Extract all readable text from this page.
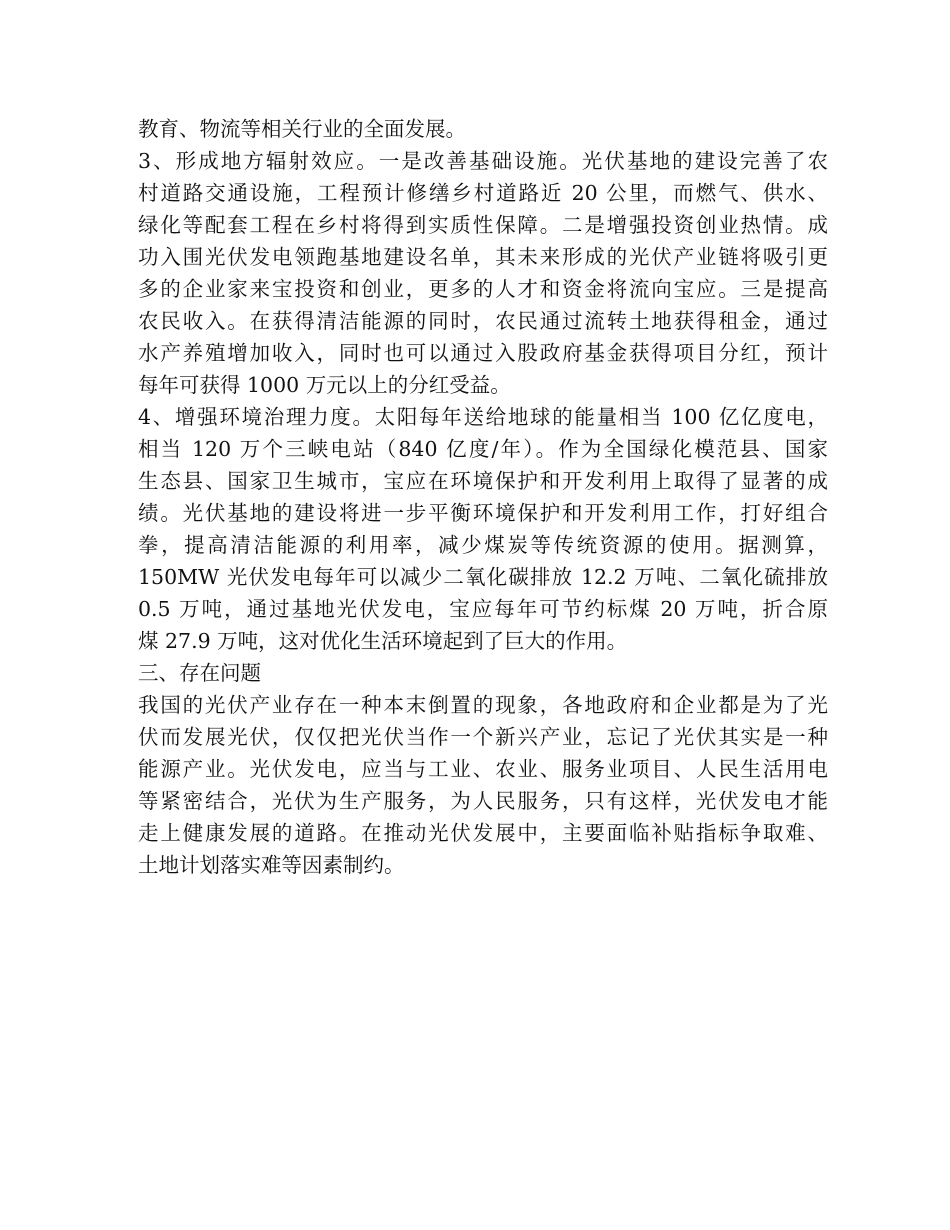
教育、物流等相关行业的全面发展。
3、形成地方辐射效应。一是改善基础设施。光伏基地的建设完善了农
村道路交通设施，工程预计修缮乡村道路近 20 公里，而燃气、供水、
绿化等配套工程在乡村将得到实质性保障。二是增强投资创业热情。成
功入围光伏发电领跑基地建设名单，其未来形成的光伏产业链将吸引更
多的企业家来宝投资和创业，更多的人才和资金将流向宝应。三是提高
农民收入。在获得清洁能源的同时，农民通过流转土地获得租金，通过
水产养殖增加收入，同时也可以通过入股政府基金获得项目分红，预计
每年可获得 1000 万元以上的分红受益。
4、增强环境治理力度。太阳每年送给地球的能量相当 100 亿亿度电，
相当 120 万个三峡电站（840 亿度/年）。作为全国绿化模范县、国家
生态县、国家卫生城市，宝应在环境保护和开发利用上取得了显著的成
绩。光伏基地的建设将进一步平衡环境保护和开发利用工作，打好组合
拳，提高清洁能源的利用率，减少煤炭等传统资源的使用。据测算，
150MW 光伏发电每年可以减少二氧化碳排放 12.2 万吨、二氧化硫排放
0.5 万吨，通过基地光伏发电，宝应每年可节约标煤 20 万吨，折合原
煤 27.9 万吨，这对优化生活环境起到了巨大的作用。
三、存在问题
我国的光伏产业存在一种本末倒置的现象，各地政府和企业都是为了光
伏而发展光伏，仅仅把光伏当作一个新兴产业，忘记了光伏其实是一种
能源产业。光伏发电，应当与工业、农业、服务业项目、人民生活用电
等紧密结合，光伏为生产服务，为人民服务，只有这样，光伏发电才能
走上健康发展的道路。在推动光伏发展中，主要面临补贴指标争取难、
土地计划落实难等因素制约。
